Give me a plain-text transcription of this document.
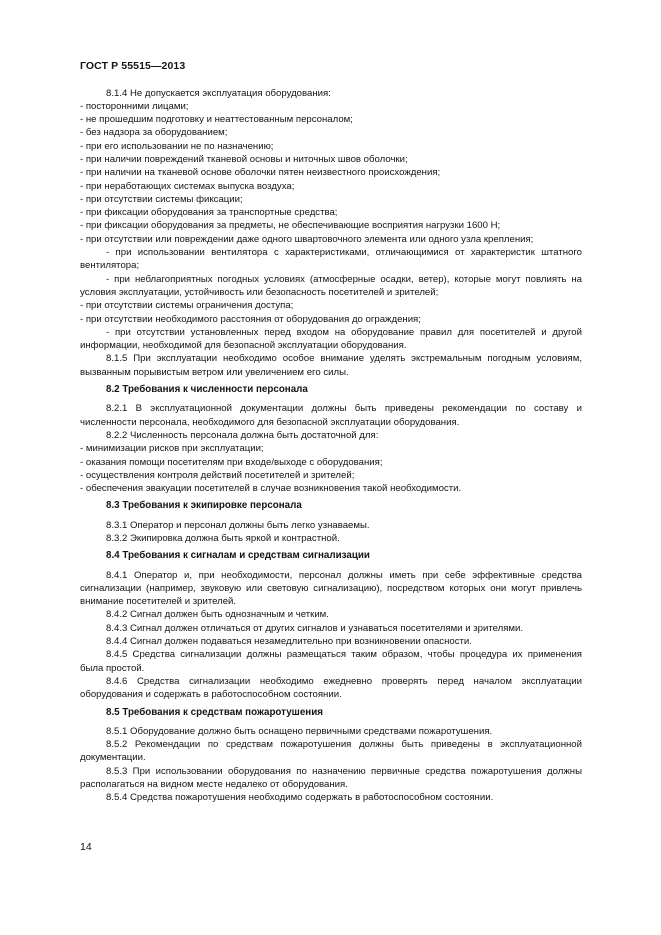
ГОСТ Р 55515—2013

8.1.4 Не допускается эксплуатация оборудования:

- посторонними лицами;

- не прошедшим подготовку и неаттестованным персоналом;

- без надзора за оборудованием;

- при его использовании не по назначению;

- при наличии повреждений тканевой основы и ниточных швов оболочки;

- при наличии на тканевой основе оболочки пятен неизвестного происхождения;

- при неработающих системах выпуска воздуха;

- при отсутствии системы фиксации;

- при фиксации оборудования за транспортные средства;

- при фиксации оборудования за предметы, не обеспечивающие восприятия нагрузки 1600 Н;

- при отсутствии или повреждении даже одного швартовочного элемента или одного узла крепления;

- при использовании вентилятора с характеристиками, отличающимися от характеристик штатного вентилятора;

- при неблагоприятных погодных условиях (атмосферные осадки, ветер), которые могут повлиять на условия эксплуатации, устойчивость или безопасность посетителей и зрителей;

- при отсутствии системы ограничения доступа;

- при отсутствии необходимого расстояния от оборудования до ограждения;

- при отсутствии установленных перед входом на оборудование правил для посетителей и другой информации, необходимой для безопасной эксплуатации оборудования.

8.1.5 При эксплуатации необходимо особое внимание уделять экстремальным погодным условиям, вызванным порывистым ветром или увеличением его силы.

8.2 Требования к численности персонала

8.2.1 В эксплуатационной документации должны быть приведены рекомендации по составу и численности персонала, необходимого для безопасной эксплуатации оборудования.

8.2.2 Численность персонала должна быть достаточной для:

- минимизации рисков при эксплуатации;

- оказания помощи посетителям при входе/выходе с оборудования;

- осуществления контроля действий посетителей и зрителей;

- обеспечения эвакуации посетителей в случае возникновения такой необходимости.

8.3 Требования к экипировке персонала

8.3.1 Оператор и персонал должны быть легко узнаваемы.

8.3.2 Экипировка должна быть яркой и контрастной.

8.4 Требования к сигналам и средствам сигнализации

8.4.1 Оператор и, при необходимости, персонал должны иметь при себе эффективные средства сигнализации (например, звуковую или световую сигнализацию), посредством которых они могут привлечь внимание посетителей и зрителей.

8.4.2 Сигнал должен быть однозначным и четким.

8.4.3 Сигнал должен отличаться от других сигналов и узнаваться посетителями и зрителями.

8.4.4 Сигнал должен подаваться незамедлительно при возникновении опасности.

8.4.5 Средства сигнализации должны размещаться таким образом, чтобы процедура их применения была простой.

8.4.6 Средства сигнализации необходимо ежедневно проверять перед началом эксплуатации оборудования и содержать в работоспособном состоянии.

8.5 Требования к средствам пожаротушения

8.5.1 Оборудование должно быть оснащено первичными средствами пожаротушения.

8.5.2 Рекомендации по средствам пожаротушения должны быть приведены в эксплуатационной документации.

8.5.3 При использовании оборудования по назначению первичные средства пожаротушения должны располагаться на видном месте недалеко от оборудования.

8.5.4 Средства пожаротушения необходимо содержать в работоспособном состоянии.

14
